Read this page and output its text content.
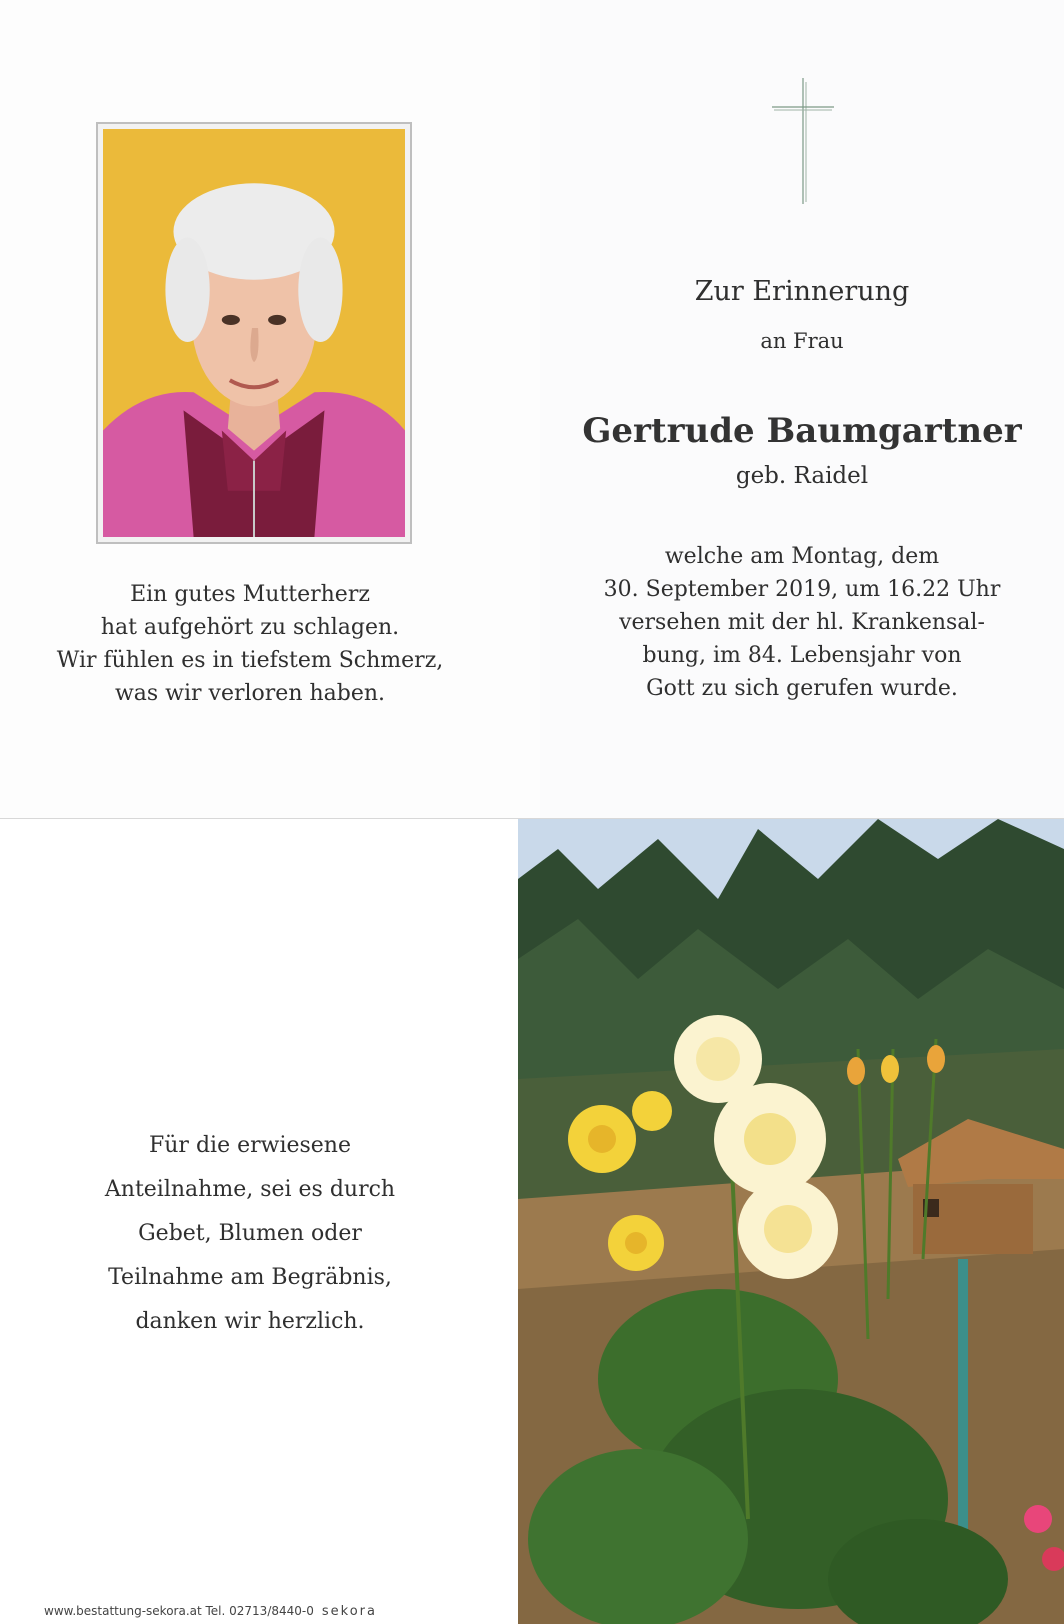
Ein gutes Mutterherz
hat aufgehört zu schlagen.
Wir fühlen es in tiefstem Schmerz,
was wir verloren haben.
Zur Erinnerung
an Frau
Gertrude Baumgartner
geb. Raidel
welche am Montag, dem
30. September 2019, um 16.22 Uhr
versehen mit der hl. Krankensal-
bung, im 84. Lebensjahr von
Gott zu sich gerufen wurde.
Für die erwiesene
Anteilnahme, sei es durch
Gebet, Blumen oder
Teilnahme am Begräbnis,
danken wir herzlich.
www.bestattung-sekora.at Tel. 02713/8440-0 sekora
